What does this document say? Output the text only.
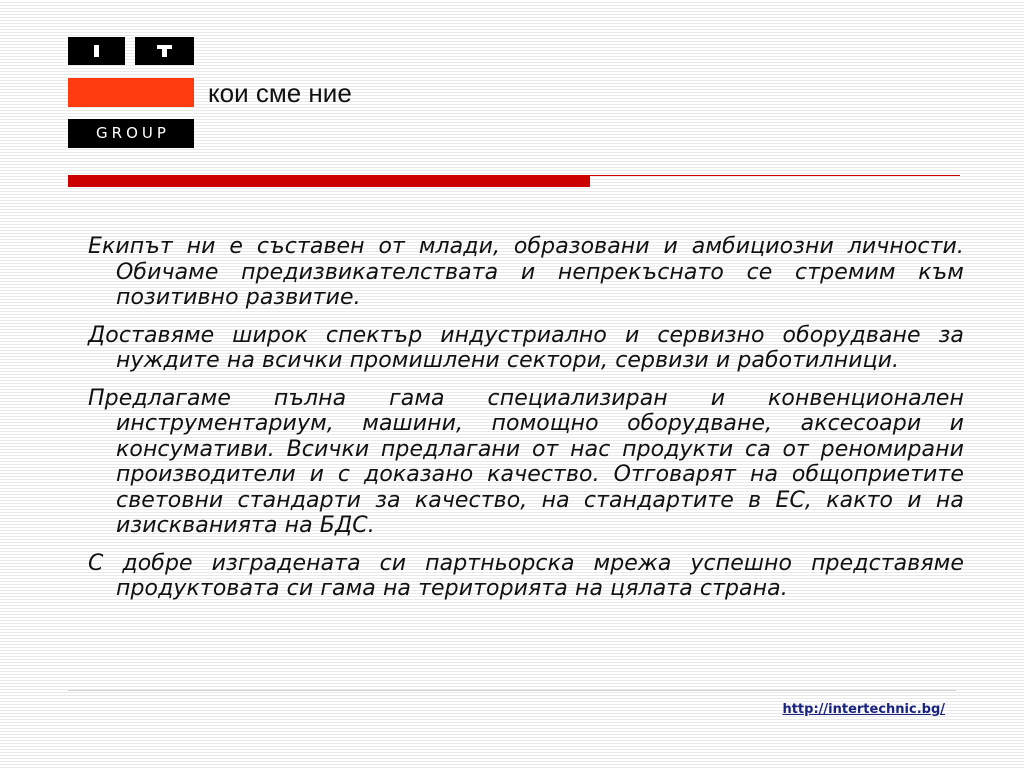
GROUP
кои сме ние
Екипът ни е съставен от млади, образовани и амбициозни личности. Обичаме предизвикателствата и непрекъснато се стремим към позитивно развитие.
Доставяме широк спектър индустриално и сервизно оборудване за нуждите на всички промишлени сектори, сервизи и работилници.
Предлагаме пълна гама специализиран и конвенционален инструментариум, машини, помощно оборудване, аксесоари и консумативи. Всички предлагани от нас продукти са от реномирани производители и с доказано качество. Отговарят на общоприетите световни стандарти за качество, на стандартите в ЕС, както и на изискванията на БДС.
С добре изградената си партньорска мрежа успешно представяме продуктовата си гама на територията на цялата страна.
http://intertechnic.bg/
